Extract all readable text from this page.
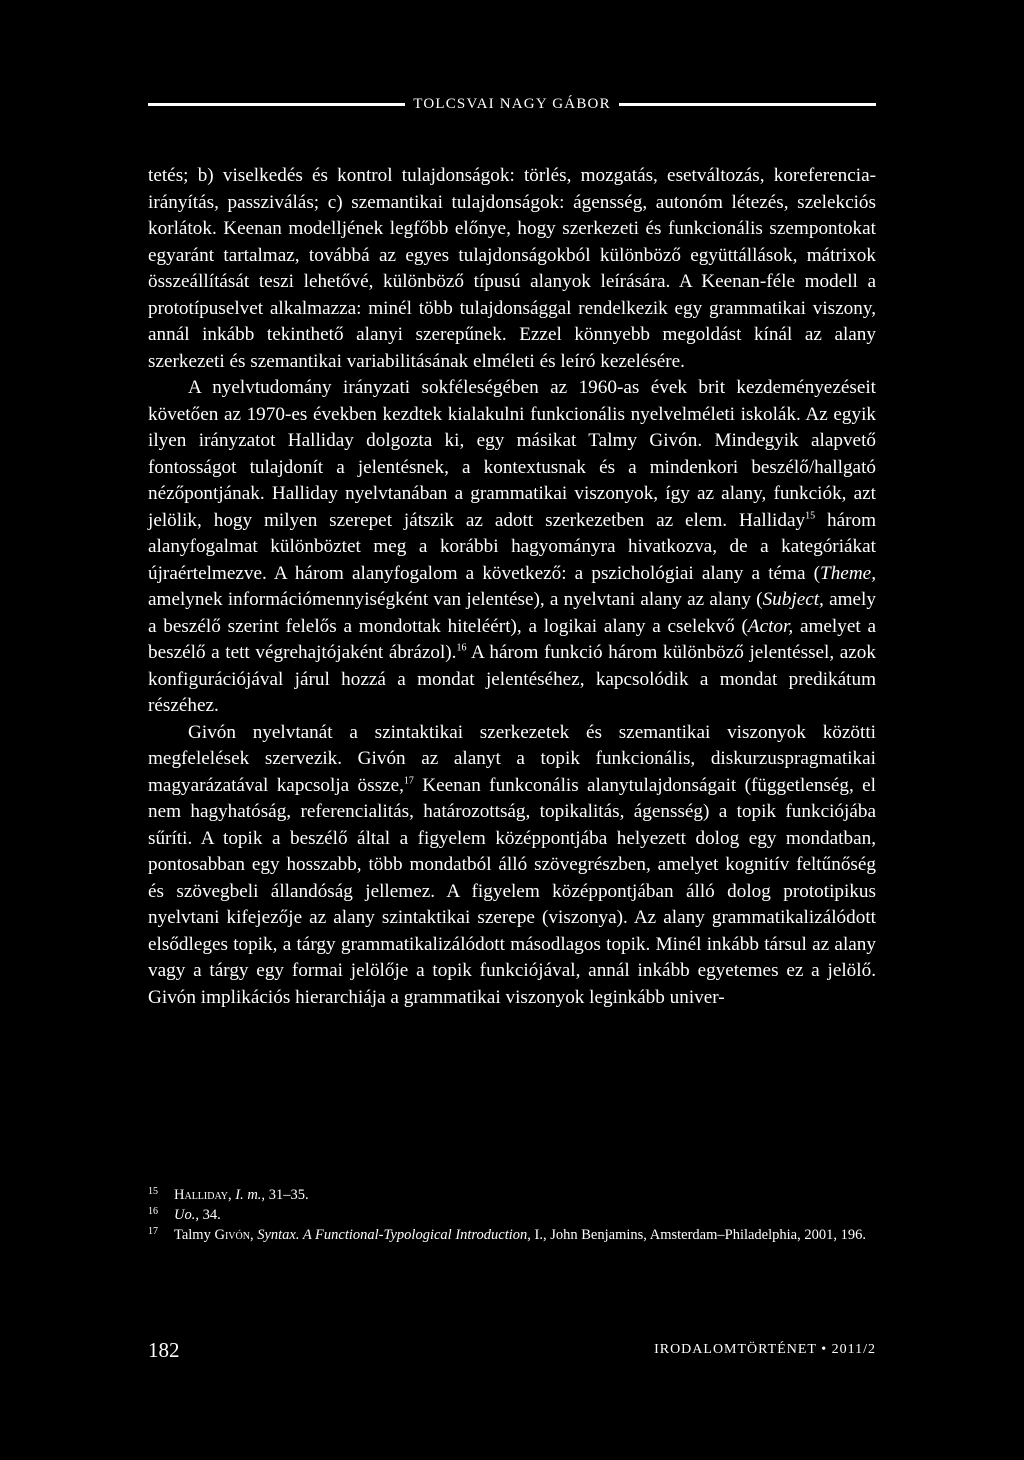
TOLCSVAI NAGY GÁBOR

tetés; b) viselkedés és kontrol tulajdonságok: törlés, mozgatás, esetváltozás, koreferencia-irányítás, passziválás; c) szemantikai tulajdonságok: ágensség, autonóm létezés, szelekciós korlátok. Keenan modelljének legfőbb előnye, hogy szerkezeti és funkcionális szempontokat egyaránt tartalmaz, továbbá az egyes tulajdonságokból különböző együttállások, mátrixok összeállítását teszi lehetővé, különböző típusú alanyok leírására. A Keenan-féle modell a prototípuselvet alkalmazza: minél több tulajdonsággal rendelkezik egy grammatikai viszony, annál inkább tekinthető alanyi szerepűnek. Ezzel könnyebb megoldást kínál az alany szerkezeti és szemantikai variabilitásának elméleti és leíró kezelésére.

A nyelvtudomány irányzati sokféleségében az 1960-as évek brit kezdeményezéseit követően az 1970-es években kezdtek kialakulni funkcionális nyelvelméleti iskolák. Az egyik ilyen irányzatot Halliday dolgozta ki, egy másikat Talmy Givón. Mindegyik alapvető fontosságot tulajdonít a jelentésnek, a kontextusnak és a mindenkori beszélő/hallgató nézőpontjának. Halliday nyelvtanában a grammatikai viszonyok, így az alany, funkciók, azt jelölik, hogy milyen szerepet játszik az adott szerkezetben az elem. Halliday$^{15}$ három alanyfogalmat különböztet meg a korábbi hagyományra hivatkozva, de a kategóriákat újraértelmezve. A három alanyfogalom a következő: a pszichológiai alany a téma (Theme, amelynek információmennyiségként van jelentése), a nyelvtani alany az alany (Subject, amely a beszélő szerint felelős a mondottak hiteléért), a logikai alany a cselekvő (Actor, amelyet a beszélő a tett végrehajtójaként ábrázol).$^{16}$ A három funkció három különböző jelentéssel, azok konfigurációjával járul hozzá a mondat jelentéséhez, kapcsolódik a mondat predikátum részéhez.

Givón nyelvtanát a szintaktikai szerkezetek és szemantikai viszonyok közötti megfelelések szervezik. Givón az alanyt a topik funkcionális, diskurzuspragmatikai magyarázatával kapcsolja össze,$^{17}$ Keenan funkconális alanytulajdonságait (függetlenség, el nem hagyhatóság, referencialitás, határozottság, topikalitás, ágensség) a topik funkciójába sűríti. A topik a beszélő által a figyelem középpontjába helyezett dolog egy mondatban, pontosabban egy hosszabb, több mondatból álló szövegrészben, amelyet kognitív feltűnőség és szövegbeli állandóság jellemez. A figyelem középpontjában álló dolog prototipikus nyelvtani kifejezője az alany szintaktikai szerepe (viszonya). Az alany grammatikalizálódott elsődleges topik, a tárgy grammatikalizálódott másodlagos topik. Minél inkább társul az alany vagy a tárgy egy formai jelölője a topik funkciójával, annál inkább egyetemes ez a jelölő. Givón implikációs hierarchiája a grammatikai viszonyok leginkább univer-

15 Halliday, I. m., 31–35.
16 Uo., 34.
17 Talmy Givón, Syntax. A Functional-Typological Introduction, I., John Benjamins, Amsterdam–Philadelphia, 2001, 196.
182	IRODALOMTÖRTÉNET • 2011/2
